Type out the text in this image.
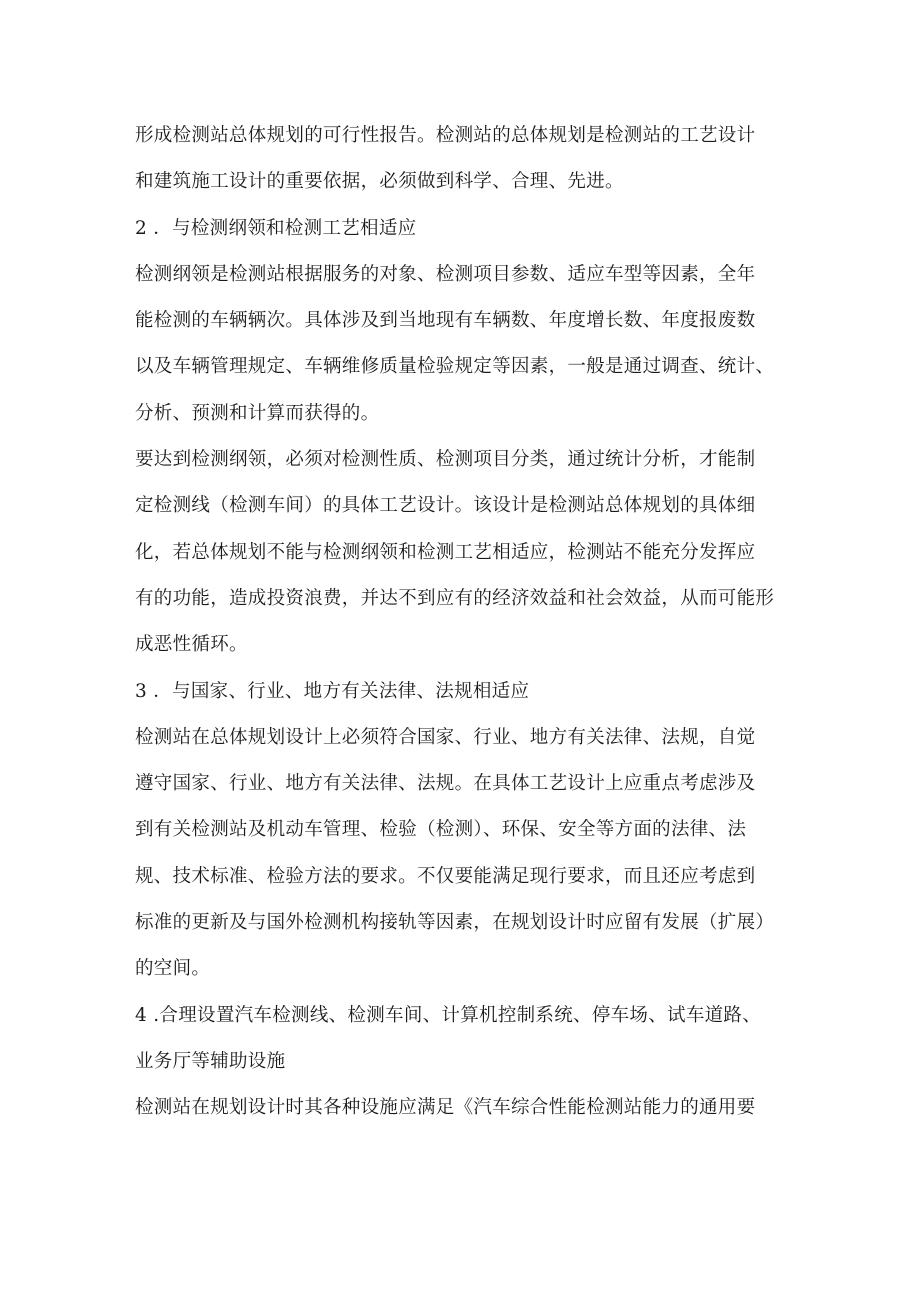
形成检测站总体规划的可行性报告。检测站的总体规划是检测站的工艺设计
和建筑施工设计的重要依据，必须做到科学、合理、先进。
2 ．与检测纲领和检测工艺相适应
检测纲领是检测站根据服务的对象、检测项目参数、适应车型等因素，全年
能检测的车辆辆次。具体涉及到当地现有车辆数、年度增长数、年度报废数
以及车辆管理规定、车辆维修质量检验规定等因素，一般是通过调查、统计、
分析、预测和计算而获得的。
要达到检测纲领，必须对检测性质、检测项目分类，通过统计分析，才能制
定检测线（检测车间）的具体工艺设计。该设计是检测站总体规划的具体细
化，若总体规划不能与检测纲领和检测工艺相适应，检测站不能充分发挥应
有的功能，造成投资浪费，并达不到应有的经济效益和社会效益，从而可能形
成恶性循环。
3 ．与国家、行业、地方有关法律、法规相适应
检测站在总体规划设计上必须符合国家、行业、地方有关法律、法规，自觉
遵守国家、行业、地方有关法律、法规。在具体工艺设计上应重点考虑涉及
到有关检测站及机动车管理、检验（检测）、环保、安全等方面的法律、法
规、技术标准、检验方法的要求。不仅要能满足现行要求，而且还应考虑到
标准的更新及与国外检测机构接轨等因素，在规划设计时应留有发展（扩展）
的空间。
4 .合理设置汽车检测线、检测车间、计算机控制系统、停车场、试车道路、
业务厅等辅助设施
检测站在规划设计时其各种设施应满足《汽车综合性能检测站能力的通用要
